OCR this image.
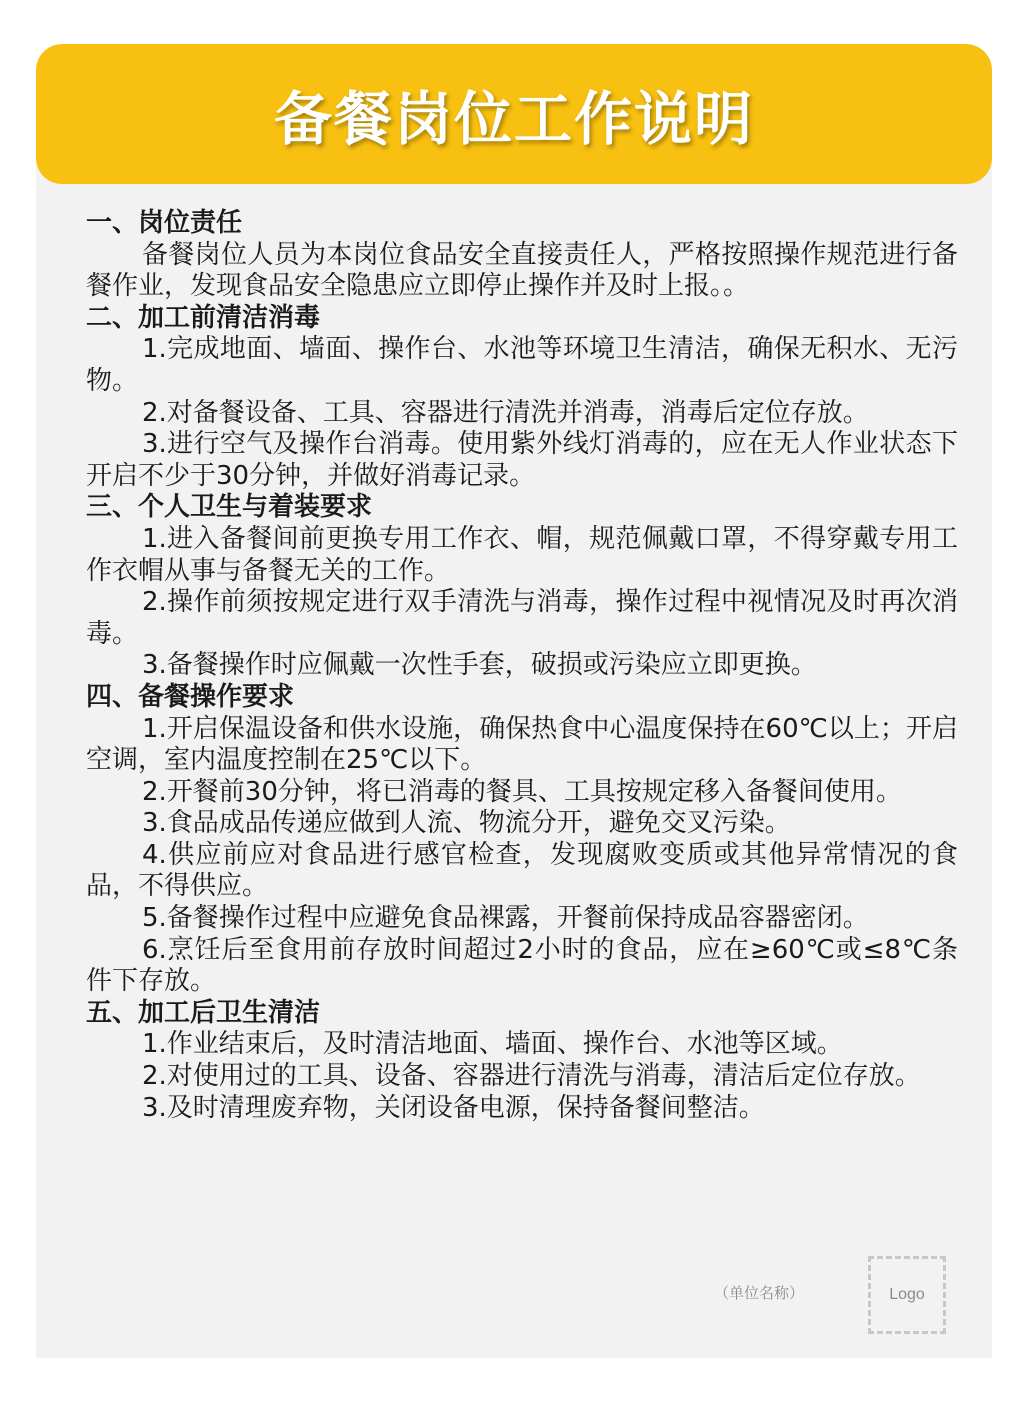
备餐岗位工作说明

一、岗位责任

备餐岗位人员为本岗位食品安全直接责任人，严格按照操作规范进行备餐作业，发现食品安全隐患应立即停止操作并及时上报。。

二、加工前清洁消毒

1.完成地面、墙面、操作台、水池等环境卫生清洁，确保无积水、无污物。

2.对备餐设备、工具、容器进行清洗并消毒，消毒后定位存放。

3.进行空气及操作台消毒。使用紫外线灯消毒的，应在无人作业状态下开启不少于30分钟，并做好消毒记录。

三、个人卫生与着装要求

1.进入备餐间前更换专用工作衣、帽，规范佩戴口罩，不得穿戴专用工作衣帽从事与备餐无关的工作。

2.操作前须按规定进行双手清洗与消毒，操作过程中视情况及时再次消毒。

3.备餐操作时应佩戴一次性手套，破损或污染应立即更换。

四、备餐操作要求

1.开启保温设备和供水设施，确保热食中心温度保持在60℃以上；开启空调，室内温度控制在25℃以下。

2.开餐前30分钟，将已消毒的餐具、工具按规定移入备餐间使用。

3.食品成品传递应做到人流、物流分开，避免交叉污染。

4.供应前应对食品进行感官检查，发现腐败变质或其他异常情况的食品，不得供应。

5.备餐操作过程中应避免食品裸露，开餐前保持成品容器密闭。

6.烹饪后至食用前存放时间超过2小时的食品，应在≥60℃或≤8℃条件下存放。

五、加工后卫生清洁

1.作业结束后，及时清洁地面、墙面、操作台、水池等区域。

2.对使用过的工具、设备、容器进行清洗与消毒，清洁后定位存放。

3.及时清理废弃物，关闭设备电源，保持备餐间整洁。

（单位名称）	Logo
